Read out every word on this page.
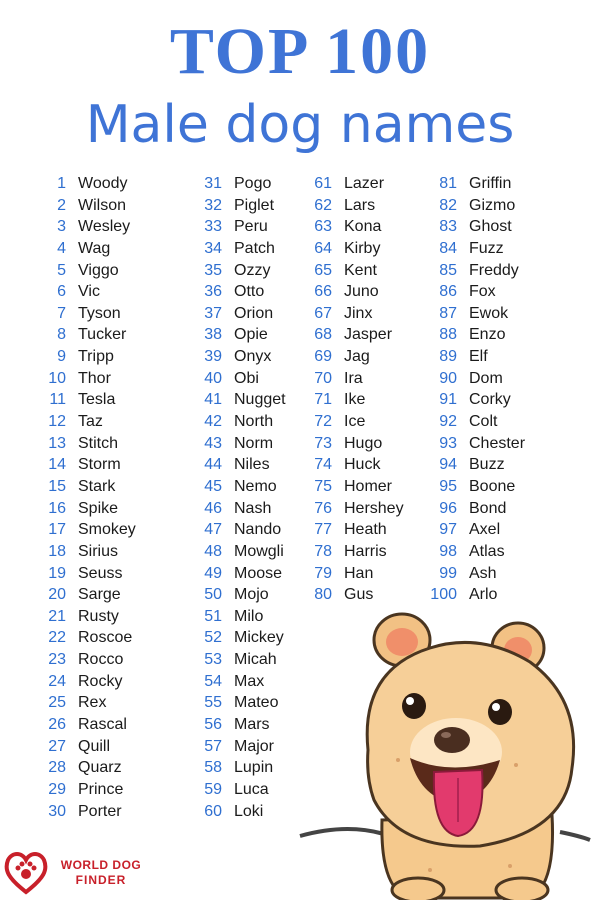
TOP 100
Male dog names
1 Woody
2 Wilson
3 Wesley
4 Wag
5 Viggo
6 Vic
7 Tyson
8 Tucker
9 Tripp
10 Thor
11 Tesla
12 Taz
13 Stitch
14 Storm
15 Stark
16 Spike
17 Smokey
18 Sirius
19 Seuss
20 Sarge
21 Rusty
22 Roscoe
23 Rocco
24 Rocky
25 Rex
26 Rascal
27 Quill
28 Quarz
29 Prince
30 Porter
31 Pogo
32 Piglet
33 Peru
34 Patch
35 Ozzy
36 Otto
37 Orion
38 Opie
39 Onyx
40 Obi
41 Nugget
42 North
43 Norm
44 Niles
45 Nemo
46 Nash
47 Nando
48 Mowgli
49 Moose
50 Mojo
51 Milo
52 Mickey
53 Micah
54 Max
55 Mateo
56 Mars
57 Major
58 Lupin
59 Luca
60 Loki
61 Lazer
62 Lars
63 Kona
64 Kirby
65 Kent
66 Juno
67 Jinx
68 Jasper
69 Jag
70 Ira
71 Ike
72 Ice
73 Hugo
74 Huck
75 Homer
76 Hershey
77 Heath
78 Harris
79 Han
80 Gus
81 Griffin
82 Gizmo
83 Ghost
84 Fuzz
85 Freddy
86 Fox
87 Ewok
88 Enzo
89 Elf
90 Dom
91 Corky
92 Colt
93 Chester
94 Buzz
95 Boone
96 Bond
97 Axel
98 Atlas
99 Ash
100 Arlo
WORLD DOG
FINDER
